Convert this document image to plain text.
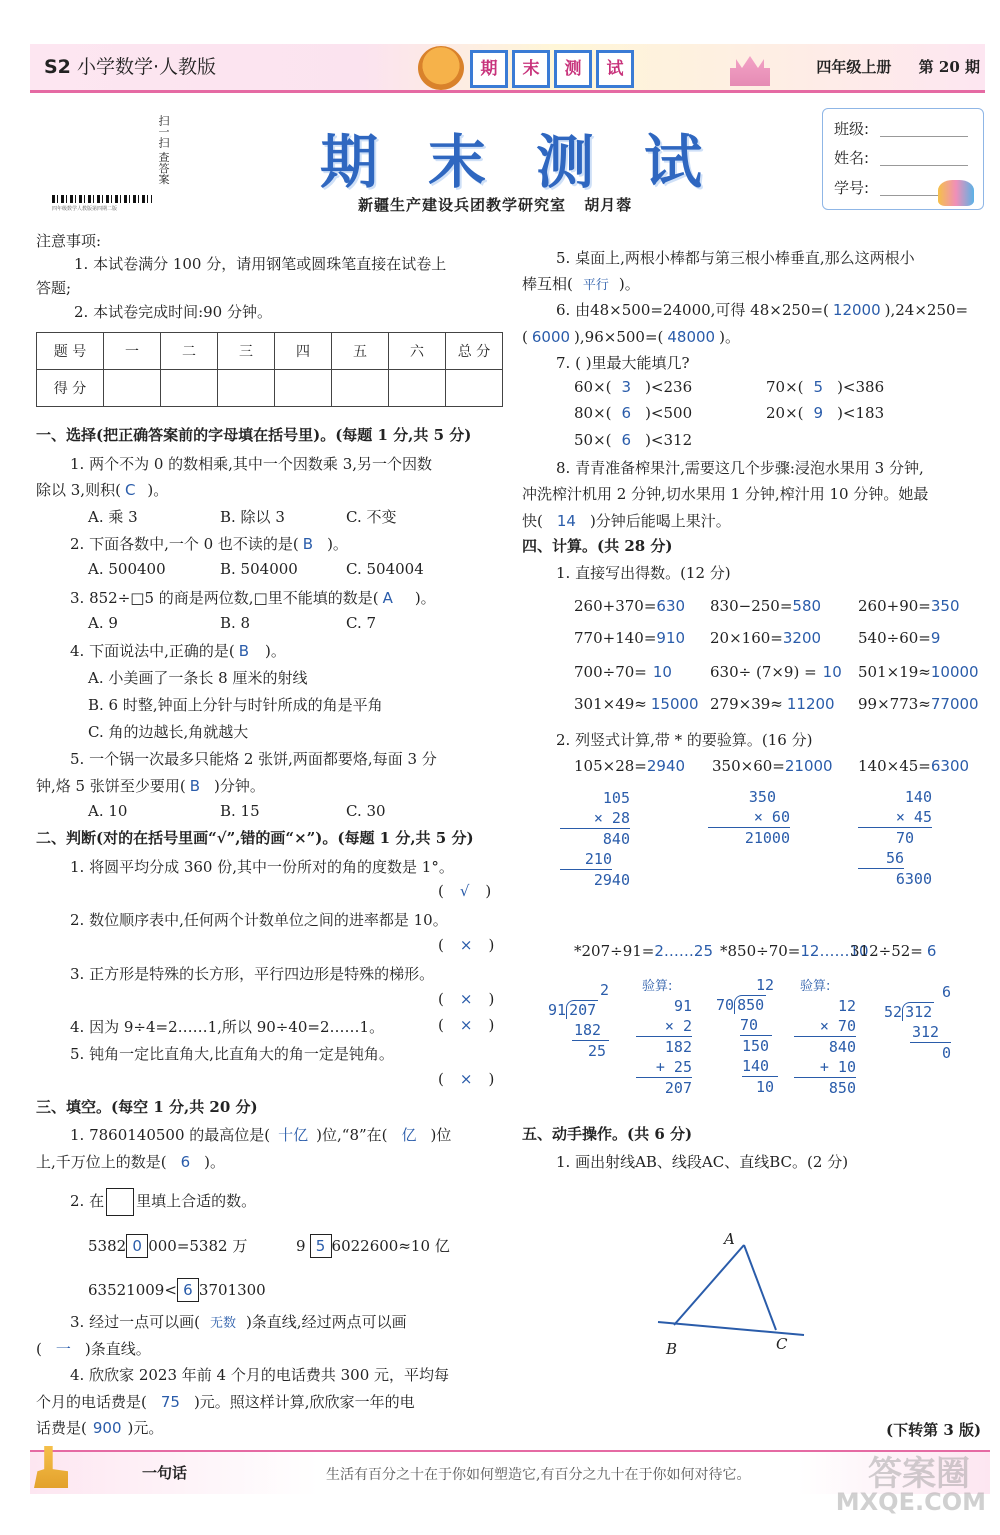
S2 小学数学·人教版	期	末	测	试	四年级上册 第 20 期
四年级数学人教版第四期二版
扫一扫 查答案	期 末 测 试
新疆生产建设兵团教学研究室 胡月蓉
班级:
姓名:
学号:
注意事项:
1. 本试卷满分 100 分，请用钢笔或圆珠笔直接在试卷上
答题;
2. 本试卷完成时间:90 分钟。
题 号	一	二	三	四	五	六	总 分
得 分							
一、选择(把正确答案前的字母填在括号里)。(每题 1 分,共 5 分)
1. 两个不为 0 的数相乘,其中一个因数乘 3,另一个因数
除以 3,则积( C )。
A. 乘 3	B. 除以 3	C. 不变
2. 下面各数中,一个 0 也不读的是( B )。
A. 500400	B. 504000	C. 504004
3. 852÷□5 的商是两位数,□里不能填的数是( A )。
A. 9	B. 8	C. 7
4. 下面说法中,正确的是( B )。
A. 小美画了一条长 8 厘米的射线
B. 6 时整,钟面上分针与时针所成的角是平角
C. 角的边越长,角就越大
5. 一个锅一次最多只能烙 2 张饼,两面都要烙,每面 3 分
钟,烙 5 张饼至少要用( B )分钟。
A. 10	B. 15	C. 30
二、判断(对的在括号里画“√”,错的画“×”)。(每题 1 分,共 5 分)
1. 将圆平均分成 360 份,其中一份所对的角的度数是 1°。
( √ )
2. 数位顺序表中,任何两个计数单位之间的进率都是 10。
( × )
3. 正方形是特殊的长方形，平行四边形是特殊的梯形。
( × )
4. 因为 9÷4=2……1,所以 90÷40=2……1。	( × )
5. 钝角一定比直角大,比直角大的角一定是钝角。
( × )
三、填空。(每空 1 分,共 20 分)
1. 7860140500 的最高位是( 十亿 )位,“8”在( 亿 )位
上,千万位上的数是( 6 )。
2. 在 里填上合适的数。
5382 0 000=5382 万	9 5 6022600≈10 亿
63521009< 6 3701300
3. 经过一点可以画( 无数 )条直线,经过两点可以画
( 一 )条直线。
4. 欣欣家 2023 年前 4 个月的电话费共 300 元，平均每
个月的电话费是( 75 )元。照这样计算,欣欣家一年的电
话费是( 900 )元。
5. 桌面上,两根小棒都与第三根小棒垂直,那么这两根小
棒互相( 平行 )。
6. 由48×500=24000,可得 48×250=( 12000 ),24×250=
( 6000 ),96×500=( 48000 )。
7. ( )里最大能填几?
60×( 3 )<236	70×( 5 )<386
80×( 6 )<500	20×( 9 )<183
50×( 6 )<312
8. 青青准备榨果汁,需要这几个步骤:浸泡水果用 3 分钟,
冲洗榨汁机用 2 分钟,切水果用 1 分钟,榨汁用 10 分钟。她最
快( 14 )分钟后能喝上果汁。
四、计算。(共 28 分)
1. 直接写出得数。(12 分)
260+370=630 830−250=580 260+90=350
770+140=910 20×160=3200 540÷60=9
700÷70= 10	630÷ (7×9) = 10 501×19≈10000
301×49≈ 15000 279×39≈ 11200 99×773≈77000
2. 列竖式计算,带 * 的要验算。(16 分)
105×28=2940 350×60=21000 140×45=6300
105
× 28
840
210
2940
350
× 60
21000
140
× 45
70
56
6300
*207÷91=2……25 *850÷70=12……10
312÷52= 6
2
91 207
182
25
验算:
91
× 2
182
+ 25
207
12
70 850
70
150
140
10
验算:
12
× 70
840
+ 10
850
6
52 312
312
0
五、动手操作。(共 6 分)
1. 画出射线AB、线段AC、直线BC。(2 分)
A
B	C
(下转第 3 版)
一句话	生活有百分之十在于你如何塑造它,有百分之九十在于你如何对待它。	答案圈
MXQE.COM
